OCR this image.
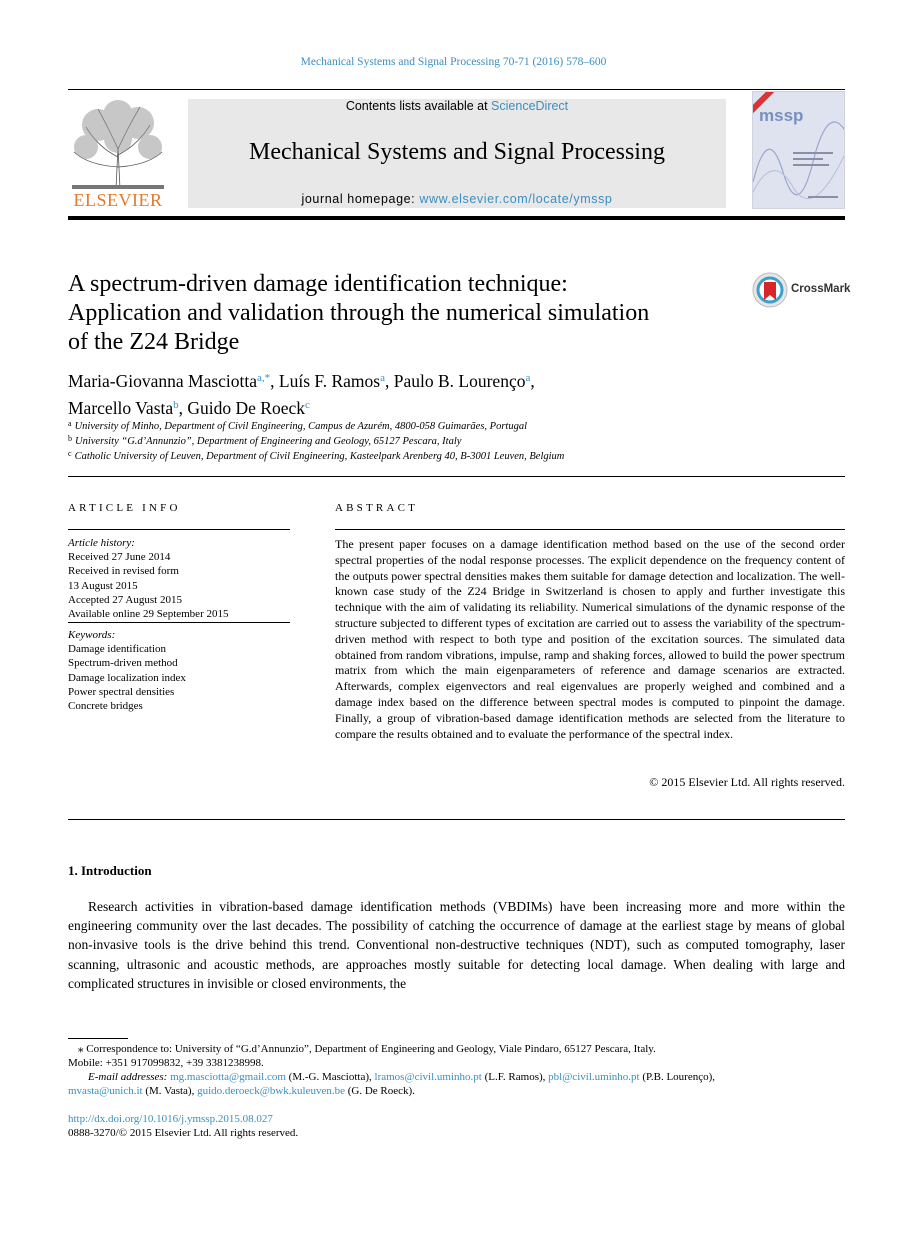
Mechanical Systems and Signal Processing 70-71 (2016) 578–600
ELSEVIER
Contents lists available at ScienceDirect
Mechanical Systems and Signal Processing
journal homepage: www.elsevier.com/locate/ymssp
mssp
A spectrum-driven damage identification technique:
Application and validation through the numerical simulation
of the Z24 Bridge
CrossMark
Maria-Giovanna Masciotta$^{a,*}$, Luís F. Ramos$^a$, Paulo B. Lourenço$^a$,
Marcello Vasta$^b$, Guido De Roeck$^c$
$^a$ University of Minho, Department of Civil Engineering, Campus de Azurém, 4800-058 Guimarães, Portugal
$^b$ University “G.d’Annunzio”, Department of Engineering and Geology, 65127 Pescara, Italy
$^c$ Catholic University of Leuven, Department of Civil Engineering, Kasteelpark Arenberg 40, B-3001 Leuven, Belgium
ARTICLE INFO
Article history:
Received 27 June 2014
Received in revised form
13 August 2015
Accepted 27 August 2015
Available online 29 September 2015
Keywords:
Damage identification
Spectrum-driven method
Damage localization index
Power spectral densities
Concrete bridges
ABSTRACT
The present paper focuses on a damage identification method based on the use of the second order spectral properties of the nodal response processes. The explicit dependence on the frequency content of the outputs power spectral densities makes them suitable for damage detection and localization. The well-known case study of the Z24 Bridge in Switzerland is chosen to apply and further investigate this technique with the aim of validating its reliability. Numerical simulations of the dynamic response of the structure subjected to different types of excitation are carried out to assess the variability of the spectrum-driven method with respect to both type and position of the excitation sources. The simulated data obtained from random vibrations, impulse, ramp and shaking forces, allowed to build the power spectrum matrix from which the main eigenparameters of reference and damage scenarios are extracted. Afterwards, complex eigenvectors and real eigenvalues are properly weighed and combined and a damage index based on the difference between spectral modes is computed to pinpoint the damage. Finally, a group of vibration-based damage identification methods are selected from the literature to compare the results obtained and to evaluate the performance of the spectral index.
© 2015 Elsevier Ltd. All rights reserved.
1. Introduction
Research activities in vibration-based damage identification methods (VBDIMs) have been increasing more and more within the engineering community over the last decades. The possibility of catching the occurrence of damage at the earliest stage by means of global non-invasive tools is the drive behind this trend. Conventional non-destructive techniques (NDT), such as computed tomography, laser scanning, ultrasonic and acoustic methods, are approaches mostly suitable for detecting local damage. When dealing with large and complicated structures in invisible or closed environments, the
⁎ Correspondence to: University of “G.d’Annunzio”, Department of Engineering and Geology, Viale Pindaro, 65127 Pescara, Italy.
Mobile: +351 917099832, +39 3381238998.
E-mail addresses: mg.masciotta@gmail.com (M.-G. Masciotta), lramos@civil.uminho.pt (L.F. Ramos), pbl@civil.uminho.pt (P.B. Lourenço),
mvasta@unich.it (M. Vasta), guido.deroeck@bwk.kuleuven.be (G. De Roeck).
http://dx.doi.org/10.1016/j.ymssp.2015.08.027
0888-3270/© 2015 Elsevier Ltd. All rights reserved.
